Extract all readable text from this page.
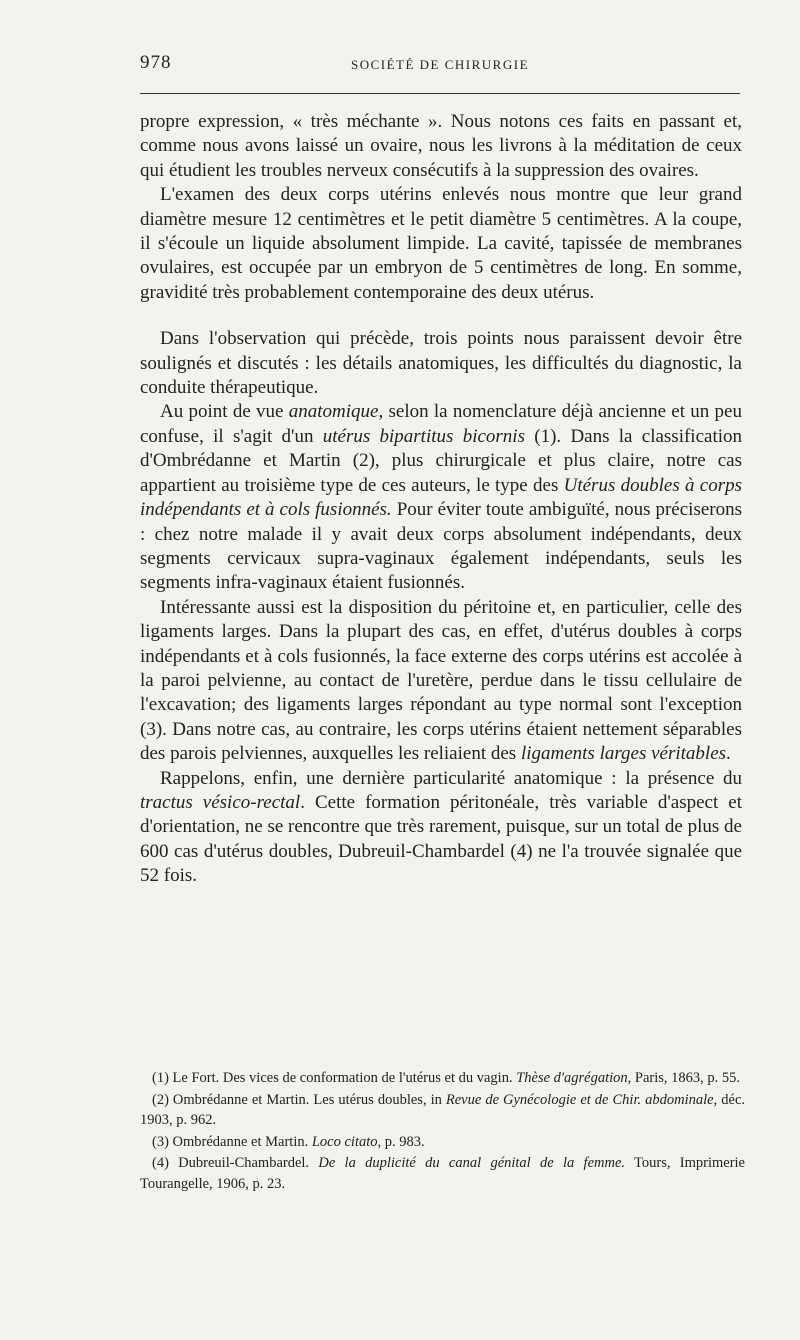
978	SOCIÉTÉ DE CHIRURGIE

propre expression, « très méchante ». Nous notons ces faits en passant et, comme nous avons laissé un ovaire, nous les livrons à la méditation de ceux qui étudient les troubles nerveux consécutifs à la suppression des ovaires.

L'examen des deux corps utérins enlevés nous montre que leur grand diamètre mesure 12 centimètres et le petit diamètre 5 centimètres. A la coupe, il s'écoule un liquide absolument limpide. La cavité, tapissée de membranes ovulaires, est occupée par un embryon de 5 centimètres de long. En somme, gravidité très probablement contemporaine des deux utérus.

Dans l'observation qui précède, trois points nous paraissent devoir être soulignés et discutés : les détails anatomiques, les difficultés du diagnostic, la conduite thérapeutique.

Au point de vue anatomique, selon la nomenclature déjà ancienne et un peu confuse, il s'agit d'un utérus bipartitus bicornis (1). Dans la classification d'Ombrédanne et Martin (2), plus chirurgicale et plus claire, notre cas appartient au troisième type de ces auteurs, le type des Utérus doubles à corps indépendants et à cols fusionnés. Pour éviter toute ambiguïté, nous préciserons : chez notre malade il y avait deux corps absolument indépendants, deux segments cervicaux supra-vaginaux également indépendants, seuls les segments infra-vaginaux étaient fusionnés.

Intéressante aussi est la disposition du péritoine et, en particulier, celle des ligaments larges. Dans la plupart des cas, en effet, d'utérus doubles à corps indépendants et à cols fusionnés, la face externe des corps utérins est accolée à la paroi pelvienne, au contact de l'uretère, perdue dans le tissu cellulaire de l'excavation; des ligaments larges répondant au type normal sont l'exception (3). Dans notre cas, au contraire, les corps utérins étaient nettement séparables des parois pelviennes, auxquelles les reliaient des ligaments larges véritables.

Rappelons, enfin, une dernière particularité anatomique : la présence du tractus vésico-rectal. Cette formation péritonéale, très variable d'aspect et d'orientation, ne se rencontre que très rarement, puisque, sur un total de plus de 600 cas d'utérus doubles, Dubreuil-Chambardel (4) ne l'a trouvée signalée que 52 fois.

(1) Le Fort. Des vices de conformation de l'utérus et du vagin. Thèse d'agrégation, Paris, 1863, p. 55.

(2) Ombrédanne et Martin. Les utérus doubles, in Revue de Gynécologie et de Chir. abdominale, déc. 1903, p. 962.

(3) Ombrédanne et Martin. Loco citato, p. 983.

(4) Dubreuil-Chambardel. De la duplicité du canal génital de la femme. Tours, Imprimerie Tourangelle, 1906, p. 23.
